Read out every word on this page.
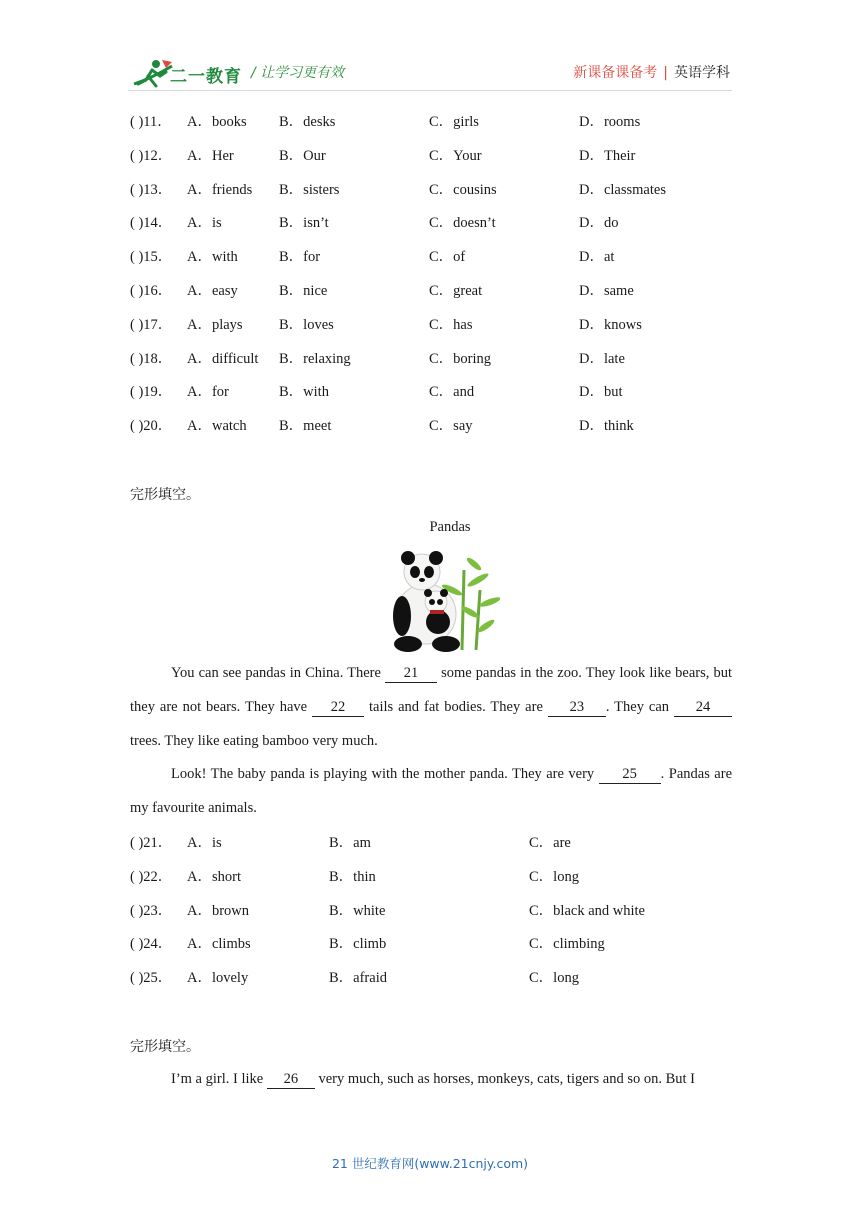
二一教育 / 让学习更有效	新课备课备考 | 英语学科
( )11． A．books B．desks	C．girls	D．rooms
( )12． A．Her	B．Our	C．Your	D．Their
( )13． A．friends B．sisters	C．cousins	D．classmates
( )14． A．is	B．isn’t	C．doesn’t	D．do
( )15． A．with	B．for	C．of	D．at
( )16． A．easy	B．nice	C．great	D．same
( )17． A．plays	B．loves	C．has	D．knows
( )18． A．difficult B．relaxing	C．boring	D．late
( )19． A．for	B．with	C．and	D．but
( )20． A．watch B．meet	C．say	D．think
完形填空。
Pandas
You can see pandas in China. There 21 some pandas in the zoo. They look like bears, but they are not bears. They have 22 tails and fat bodies. They are 23 . They can 24 trees. They like eating bamboo very much.
Look! The baby panda is playing with the mother panda. They are very 25 . Pandas are my favourite animals.
( )21． A．is	B．am	C．are
( )22． A．short	B．thin	C．long
( )23． A．brown	B．white	C．black and white
( )24． A．climbs	B．climb	C．climbing
( )25． A．lovely	B．afraid	C．long
完形填空。
I’m a girl. I like 26 very much, such as horses, monkeys, cats, tigers and so on. But I
21 世纪教育网(www.21cnjy.com)
